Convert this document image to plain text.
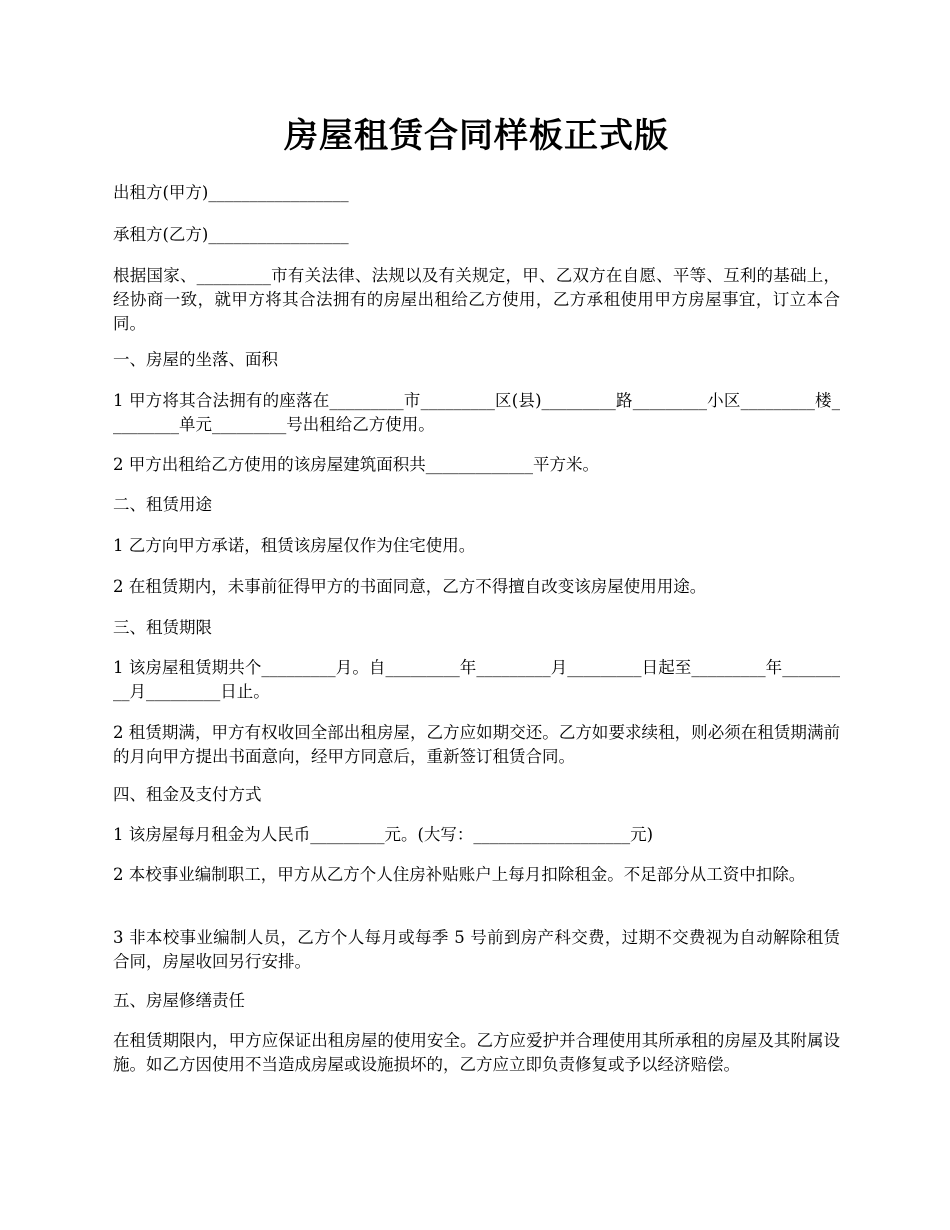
房屋租赁合同样板正式版
出租方(甲方)_________________
承租方(乙方)_________________
根据国家、_________市有关法律、法规以及有关规定，甲、乙双方在自愿、平等、互利的基础上，经协商一致，就甲方将其合法拥有的房屋出租给乙方使用，乙方承租使用甲方房屋事宜，订立本合同。
一、房屋的坐落、面积
1 甲方将其合法拥有的座落在_________市_________区(县)_________路_________小区_________楼_________单元_________号出租给乙方使用。
2 甲方出租给乙方使用的该房屋建筑面积共_____________平方米。
二、租赁用途
1 乙方向甲方承诺，租赁该房屋仅作为住宅使用。
2 在租赁期内，未事前征得甲方的书面同意，乙方不得擅自改变该房屋使用用途。
三、租赁期限
1 该房屋租赁期共个_________月。自_________年_________月_________日起至_________年_________月_________日止。
2 租赁期满，甲方有权收回全部出租房屋，乙方应如期交还。乙方如要求续租，则必须在租赁期满前的月向甲方提出书面意向，经甲方同意后，重新签订租赁合同。
四、租金及支付方式
1 该房屋每月租金为人民币_________元。(大写：___________________元)
2 本校事业编制职工，甲方从乙方个人住房补贴账户上每月扣除租金。不足部分从工资中扣除。
3 非本校事业编制人员，乙方个人每月或每季 5 号前到房产科交费，过期不交费视为自动解除租赁合同，房屋收回另行安排。
五、房屋修缮责任
在租赁期限内，甲方应保证出租房屋的使用安全。乙方应爱护并合理使用其所承租的房屋及其附属设施。如乙方因使用不当造成房屋或设施损坏的，乙方应立即负责修复或予以经济赔偿。
